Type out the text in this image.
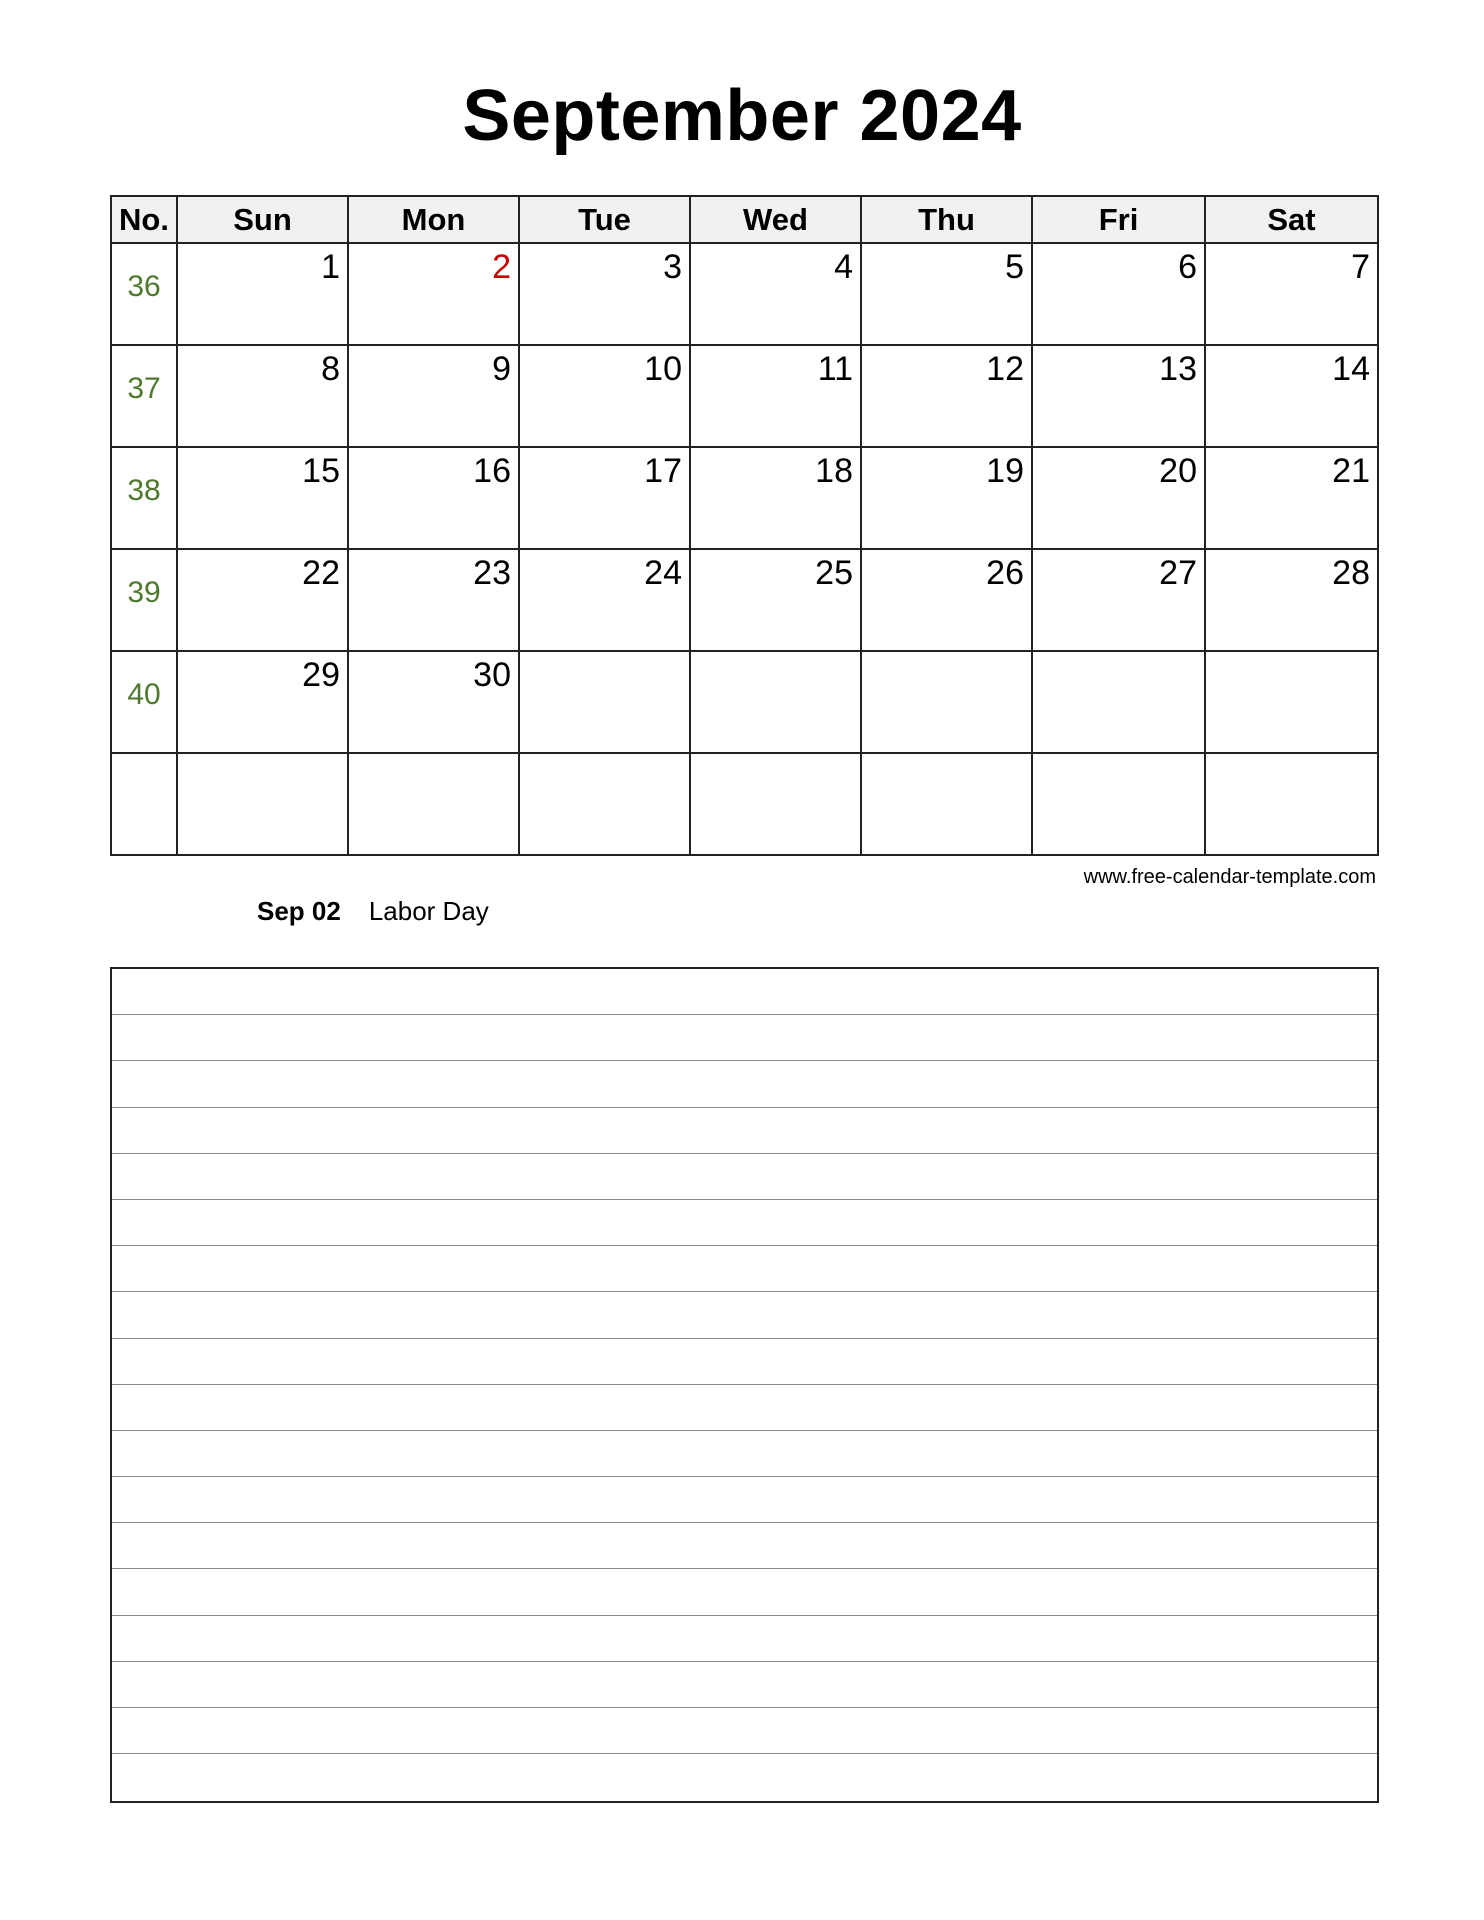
September 2024
No.	Sun	Mon	Tue	Wed	Thu	Fri	Sat

36	1	2	3	4	5	6	7

37	8	9	10	11	12	13	14

38	15	16	17	18	19	20	21

39	22	23	24	25	26	27	28

40	29	30					

www.free-calendar-template.com
Sep 02 Labor Day
